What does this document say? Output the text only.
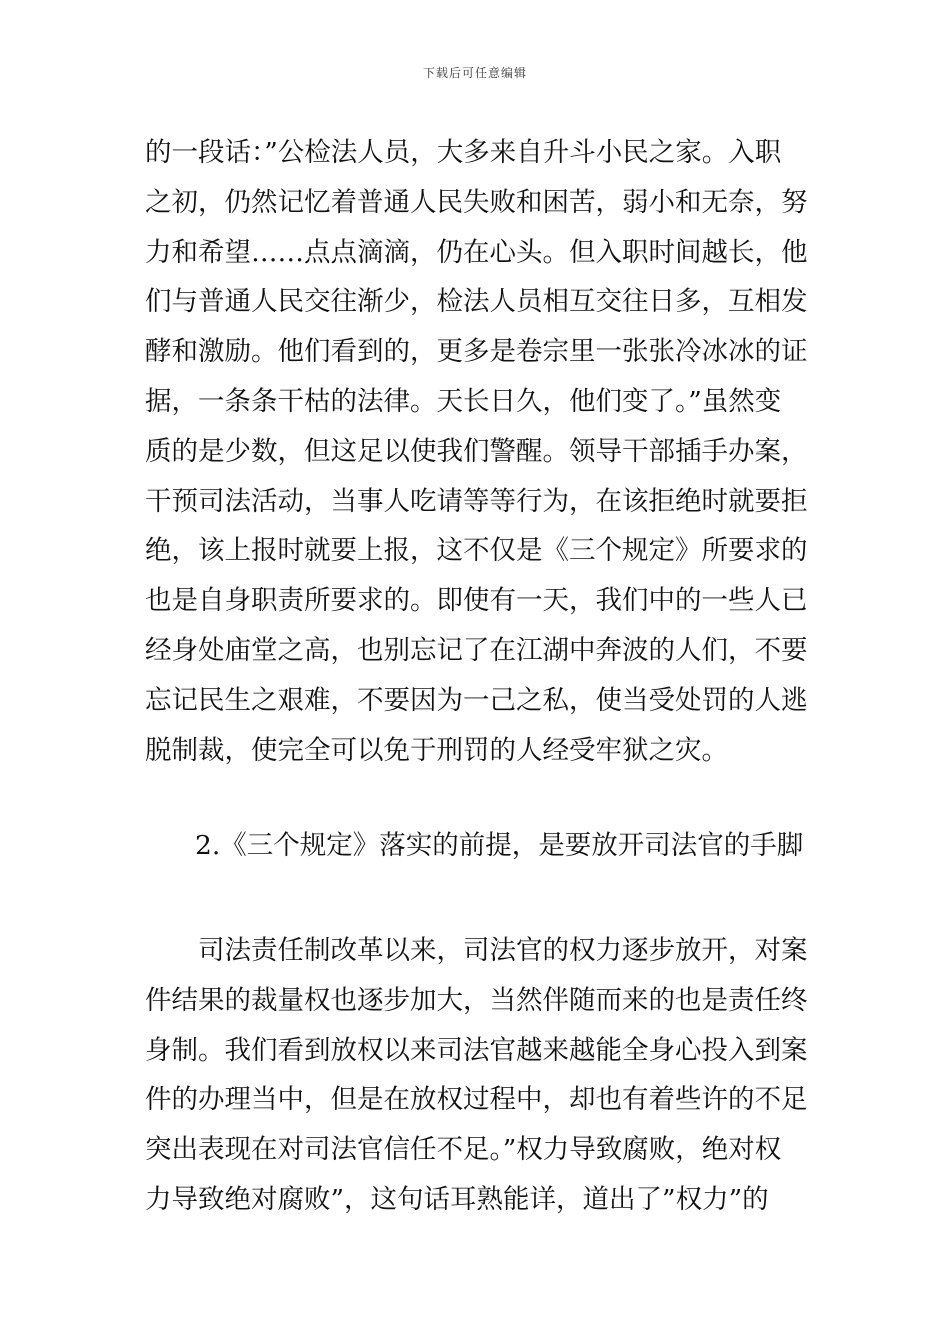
下载后可任意编辑
的一段话：”公检法人员，大多来自升斗小民之家。入职
之初，仍然记忆着普通人民失败和困苦，弱小和无奈，努
力和希望……点点滴滴，仍在心头。但入职时间越长，他
们与普通人民交往渐少，检法人员相互交往日多，互相发
酵和激励。他们看到的，更多是卷宗里一张张冷冰冰的证
据，一条条干枯的法律。天长日久，他们变了。”虽然变
质的是少数，但这足以使我们警醒。领导干部插手办案，
干预司法活动，当事人吃请等等行为，在该拒绝时就要拒
绝，该上报时就要上报，这不仅是《三个规定》所要求的
也是自身职责所要求的。即使有一天，我们中的一些人已
经身处庙堂之高，也别忘记了在江湖中奔波的人们，不要
忘记民生之艰难，不要因为一己之私，使当受处罚的人逃
脱制裁，使完全可以免于刑罚的人经受牢狱之灾。
2.《三个规定》落实的前提，是要放开司法官的手脚
　　司法责任制改革以来，司法官的权力逐步放开，对案
件结果的裁量权也逐步加大，当然伴随而来的也是责任终
身制。我们看到放权以来司法官越来越能全身心投入到案
件的办理当中，但是在放权过程中，却也有着些许的不足
突出表现在对司法官信任不足。”权力导致腐败，绝对权
力导致绝对腐败”，这句话耳熟能详，道出了”权力”的
